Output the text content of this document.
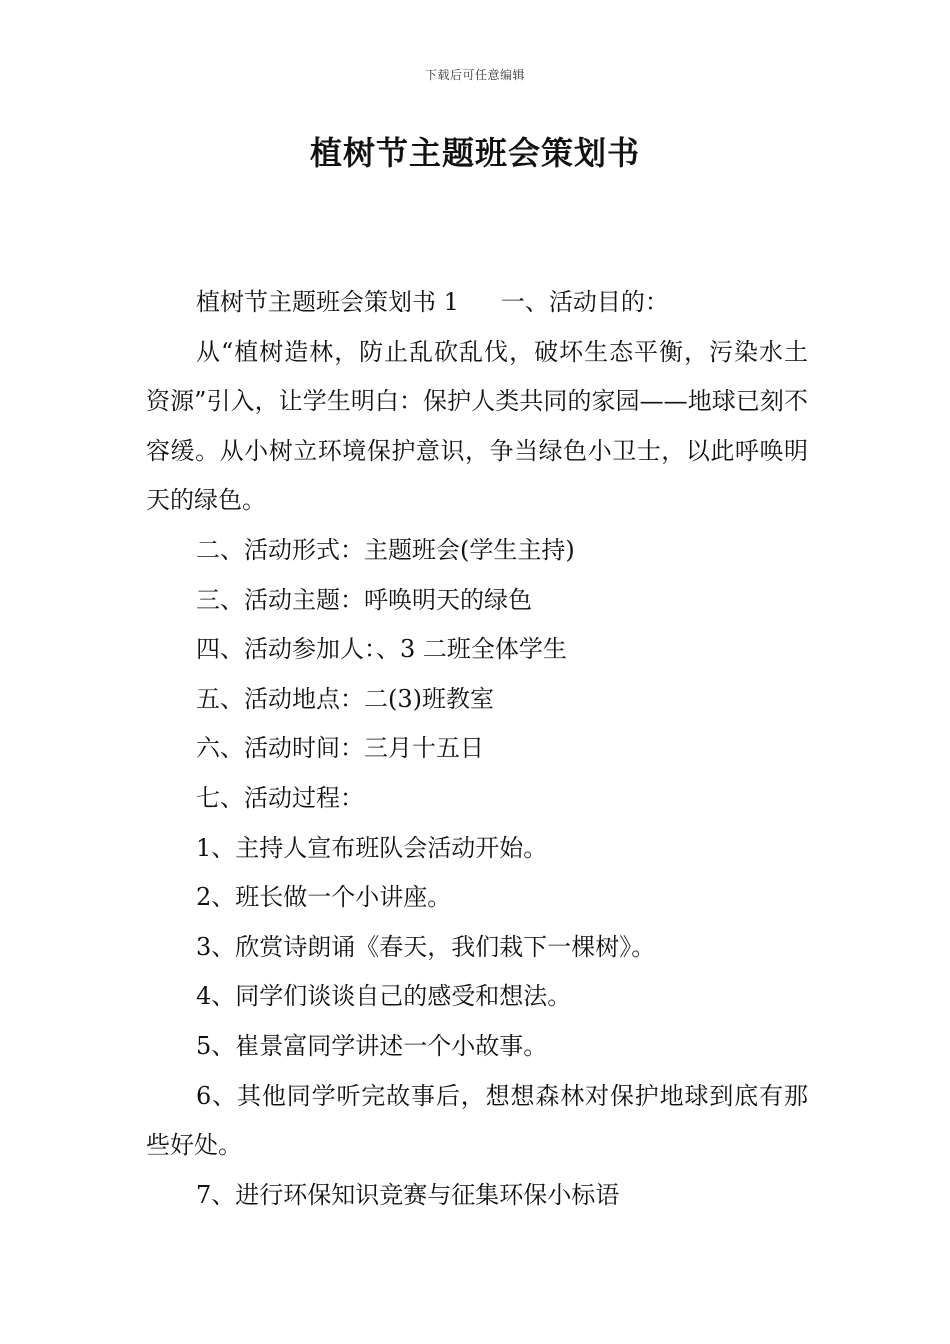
下载后可任意编辑
植树节主题班会策划书

植树节主题班会策划书 1 一、活动目的：

从“植树造林，防止乱砍乱伐，破坏生态平衡，污染水土资源”引入，让学生明白：保护人类共同的家园——地球已刻不容缓。从小树立环境保护意识，争当绿色小卫士，以此呼唤明天的绿色。

二、活动形式：主题班会(学生主持)

三、活动主题：呼唤明天的绿色

四、活动参加人：、3 二班全体学生

五、活动地点：二(3)班教室

六、活动时间：三月十五日

七、活动过程：

1、主持人宣布班队会活动开始。

2、班长做一个小讲座。

3、欣赏诗朗诵《春天，我们栽下一棵树》。

4、同学们谈谈自己的感受和想法。

5、崔景富同学讲述一个小故事。

6、其他同学听完故事后，想想森林对保护地球到底有那些好处。

7、进行环保知识竞赛与征集环保小标语
